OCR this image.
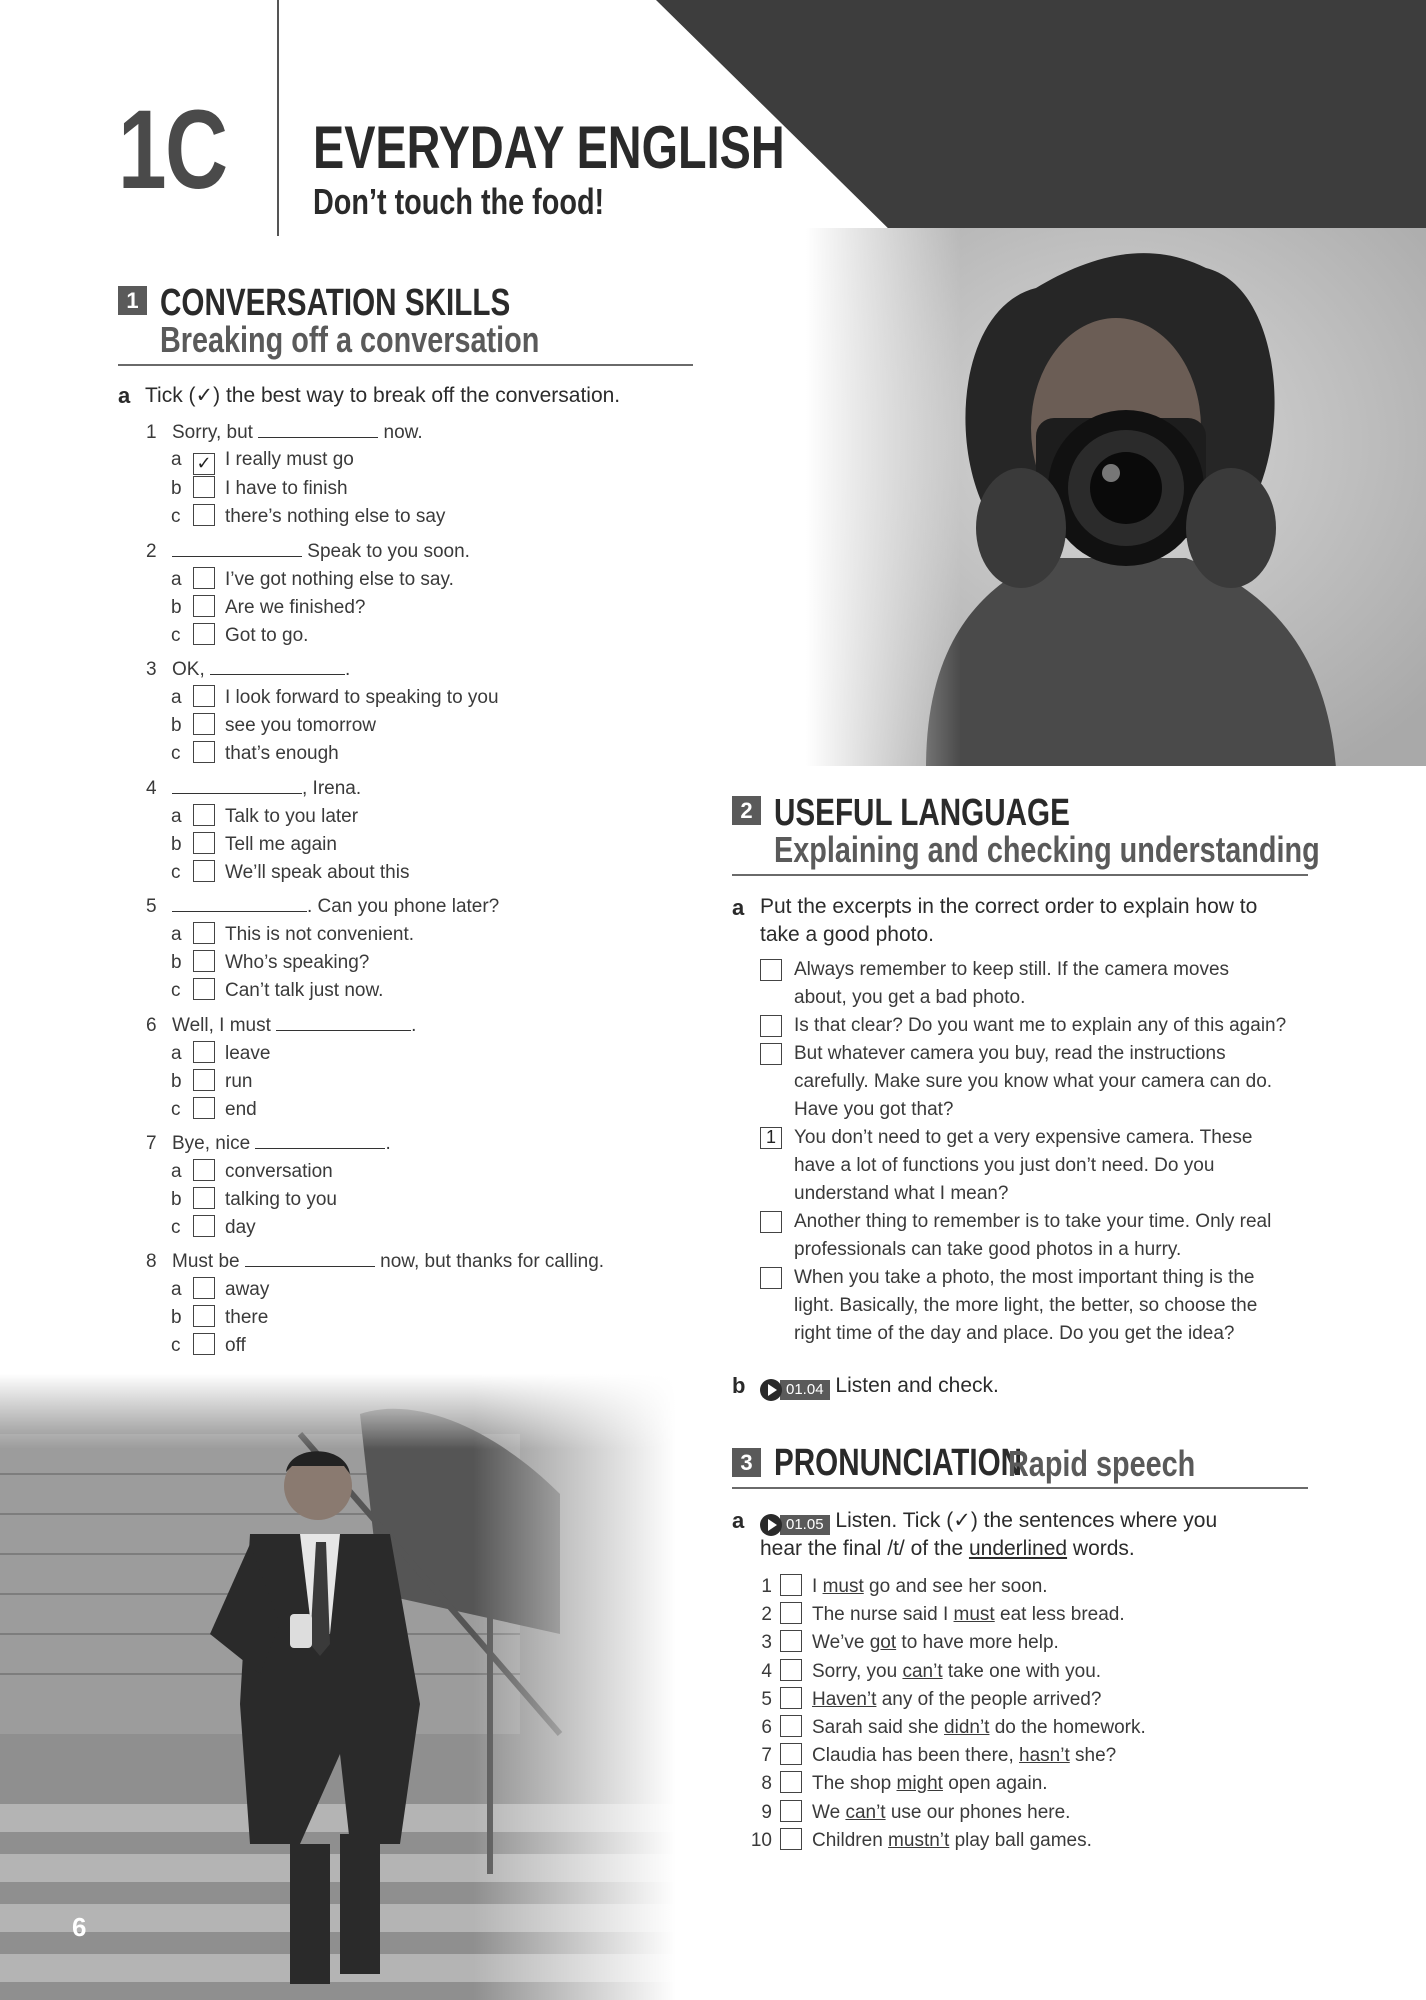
1C EVERYDAY ENGLISH
Don’t touch the food!
1 CONVERSATION SKILLS
Breaking off a conversation
a Tick (✓) the best way to break off the conversation.
1 Sorry, but	now.
a ✓ I really must go
b I have to finish
c there’s nothing else to say
2	Speak to you soon.
a I’ve got nothing else to say.
b Are we finished?
c Got to go.
3 OK,	.
a I look forward to speaking to you
b see you tomorrow
c that’s enough
4	, Irena.
a Talk to you later
b Tell me again
c We’ll speak about this
5	. Can you phone later?
a This is not convenient.
b Who’s speaking?
c Can’t talk just now.
6 Well, I must	.
a leave
b run
c end
7 Bye, nice	.
a conversation
b talking to you
c day
8 Must be	now, but thanks for calling.
a away
b there
c off
2 USEFUL LANGUAGE
Explaining and checking understanding
a Put the excerpts in the correct order to explain how to
take a good photo.
Always remember to keep still. If the camera moves
about, you get a bad photo.
Is that clear? Do you want me to explain any of this again?
But whatever camera you buy, read the instructions
carefully. Make sure you know what your camera can do.
Have you got that?
1 You don’t need to get a very expensive camera. These
have a lot of functions you just don’t need. Do you
understand what I mean?
Another thing to remember is to take your time. Only real
professionals can take good photos in a hurry.
When you take a photo, the most important thing is the
light. Basically, the more light, the better, so choose the
right time of the day and place. Do you get the idea?
b	01.04 Listen and check.
3 PRONUNCIATION
Rapid speech
a	01.05 Listen. Tick (✓) the sentences where you
hear the final /t/ of the underlined words.
1 I must go and see her soon.
2 The nurse said I must eat less bread.
3 We’ve got to have more help.
4 Sorry, you can’t take one with you.
5 Haven’t any of the people arrived?
6 Sarah said she didn’t do the homework.
7 Claudia has been there, hasn’t she?
8 The shop might open again.
9 We can’t use our phones here.
10 Children mustn’t play ball games.
6
